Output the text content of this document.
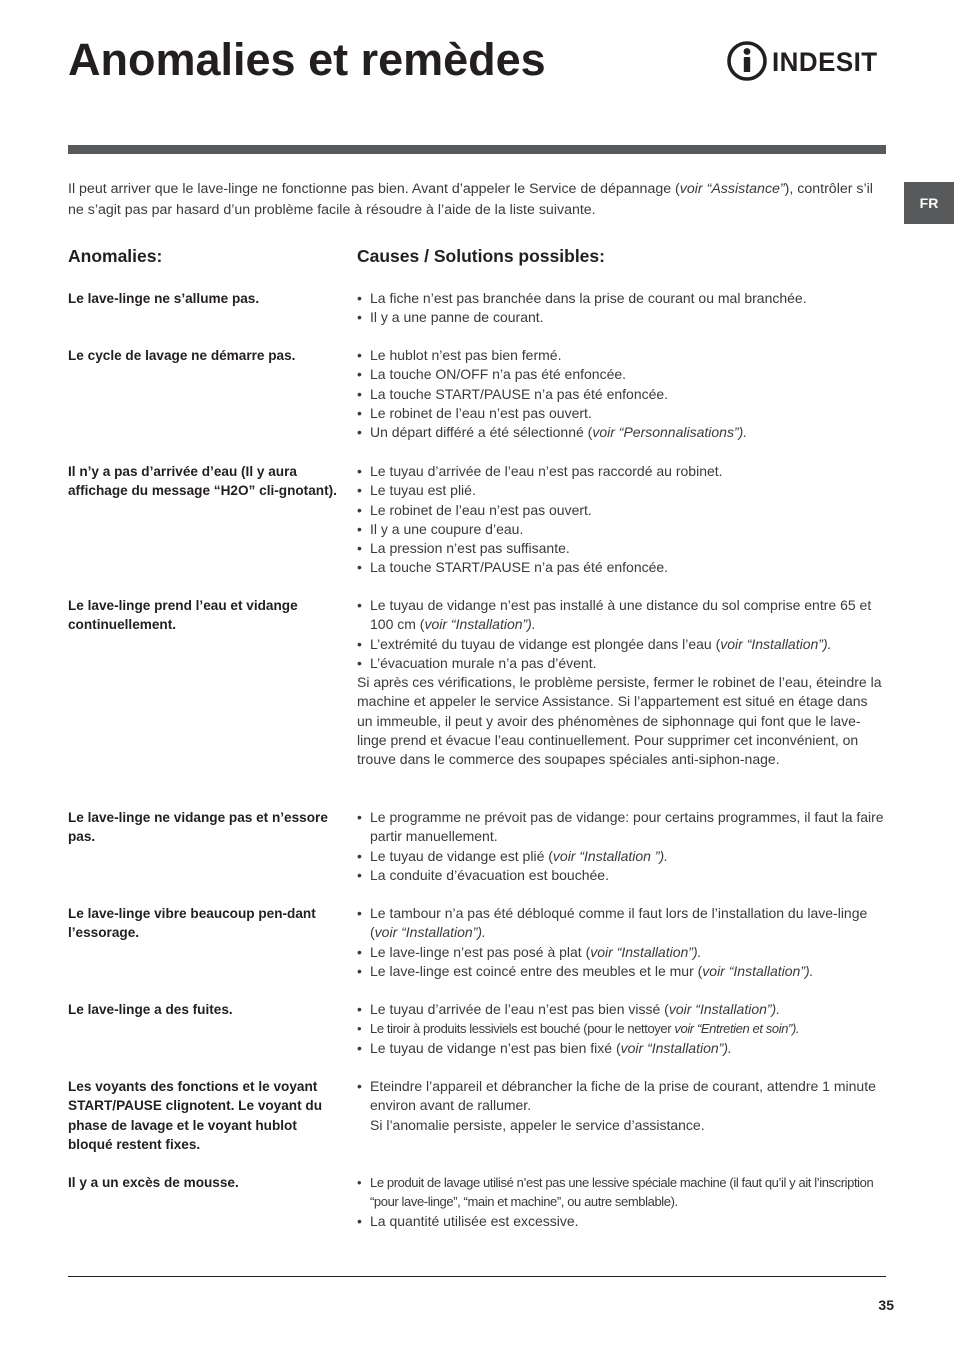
Anomalies et remèdes	INDESIT
FR

Il peut arriver que le lave-linge ne fonctionne pas bien. Avant d’appeler le Service de dépannage (voir “Assistance”), contrôler s’il ne s’agit pas par hasard d’un problème facile à résoudre à l’aide de la liste suivante.

Anomalies:	Causes / Solutions possibles:
Le lave-linge ne s’allume pas.	• La fiche n’est pas branchée dans la prise de courant ou mal branchée.
• Il y a une panne de courant.
Le cycle de lavage ne démarre pas.	• Le hublot n’est pas bien fermé.
• La touche ON/OFF n’a pas été enfoncée.
• La touche START/PAUSE n’a pas été enfoncée.
• Le robinet de l’eau n’est pas ouvert.
• Un départ différé a été sélectionné (voir “Personnalisations”).
Il n’y a pas d’arrivée d’eau (Il y aura affichage du message “H2O” cli-gnotant).
• Le tuyau d’arrivée de l’eau n’est pas raccordé au robinet.
• Le tuyau est plié.
• Le robinet de l’eau n’est pas ouvert.
• Il y a une coupure d’eau.
• La pression n’est pas suffisante.
• La touche START/PAUSE n’a pas été enfoncée.
Le lave-linge prend l’eau et vidange continuellement.
• Le tuyau de vidange n’est pas installé à une distance du sol comprise entre 65 et 100 cm (voir “Installation”).
• L’extrémité du tuyau de vidange est plongée dans l’eau (voir “Installation”).
• L’évacuation murale n’a pas d’évent.

Si après ces vérifications, le problème persiste, fermer le robinet de l’eau, éteindre la machine et appeler le service Assistance. Si l’appartement est situé en étage dans un immeuble, il peut y avoir des phénomènes de siphonnage qui font que le lave-linge prend et évacue l’eau continuellement. Pour supprimer cet inconvénient, on trouve dans le commerce des soupapes spéciales anti-siphon-nage.

Le lave-linge ne vidange pas et n’essore pas.
• Le programme ne prévoit pas de vidange: pour certains programmes, il faut la faire partir manuellement.
• Le tuyau de vidange est plié (voir “Installation ”).
• La conduite d’évacuation est bouchée.
Le lave-linge vibre beaucoup pen-dant l’essorage.
• Le tambour n’a pas été débloqué comme il faut lors de l’installation du lave-linge (voir “Installation”).
• Le lave-linge n’est pas posé à plat (voir “Installation”).
• Le lave-linge est coincé entre des meubles et le mur (voir “Installation”).
Le lave-linge a des fuites.	• Le tuyau d’arrivée de l’eau n’est pas bien vissé (voir “Installation”).
• Le tiroir à produits lessiviels est bouché (pour le nettoyer voir “Entretien et soin”).
• Le tuyau de vidange n’est pas bien fixé (voir “Installation”).
Les voyants des fonctions et le voyant START/PAUSE clignotent. Le voyant du phase de lavage et le voyant hublot bloqué restent fixes.
• Eteindre l’appareil et débrancher la fiche de la prise de courant, attendre 1 minute environ avant de rallumer.

Si l’anomalie persiste, appeler le service d’assistance.

Il y a un excès de mousse.	• Le produit de lavage utilisé n’est pas une lessive spéciale machine (il faut qu’il y ait l’inscription “pour lave-linge”, “main et machine”, ou autre semblable).
• La quantité utilisée est excessive.
35
